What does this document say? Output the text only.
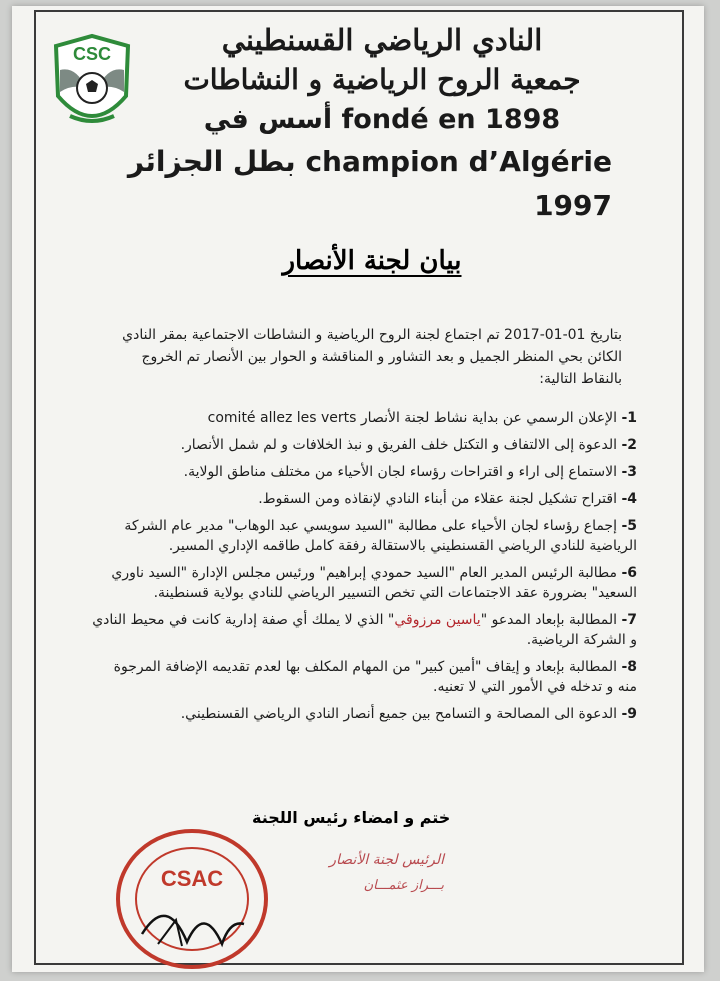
CSC	النادي الرياضي القسنطيني
جمعية الروح الرياضية و النشاطات
أسس في fondé en 1898
بطل الجزائر champion d’Algérie 1997
بيان لجنة الأنصار
بتاريخ 01-01-2017 تم اجتماع لجنة الروح الرياضية و النشاطات الاجتماعية بمقر النادي الكائن بحي المنظر الجميل و بعد التشاور و المناقشة و الحوار بين الأنصار تم الخروج بالنقاط التالية:
1- الإعلان الرسمي عن بداية نشاط لجنة الأنصار comité allez les verts
2- الدعوة إلى الالتفاف و التكتل خلف الفريق و نبذ الخلافات و لم شمل الأنصار.
3- الاستماع إلى اراء و اقتراحات رؤساء لجان الأحياء من مختلف مناطق الولاية.
4- اقتراح تشكيل لجنة عقلاء من أبناء النادي لإنقاذه ومن السقوط.
5- إجماع رؤساء لجان الأحياء على مطالبة "السيد سويسي عبد الوهاب" مدير عام الشركة الرياضية للنادي الرياضي القسنطيني بالاستقالة رفقة كامل طاقمه الإداري المسير.
6- مطالبة الرئيس المدير العام "السيد حمودي إبراهيم" ورئيس مجلس الإدارة "السيد ناوري السعيد" بضرورة عقد الاجتماعات التي تخص التسيير الرياضي للنادي بولاية قسنطينة.
7- المطالبة بإبعاد المدعو "ياسين مرزوقي" الذي لا يملك أي صفة إدارية كانت في محيط النادي و الشركة الرياضية.
8- المطالبة بإبعاد و إيقاف "أمين كبير" من المهام المكلف بها لعدم تقديمه الإضافة المرجوة منه و تدخله في الأمور التي لا تعنيه.
9- الدعوة الى المصالحة و التسامح بين جميع أنصار النادي الرياضي القسنطيني.
ختم و امضاء رئيس اللجنة
CSAC
الرئيس لجنة الأنصار
بـــراز عثمـــان
